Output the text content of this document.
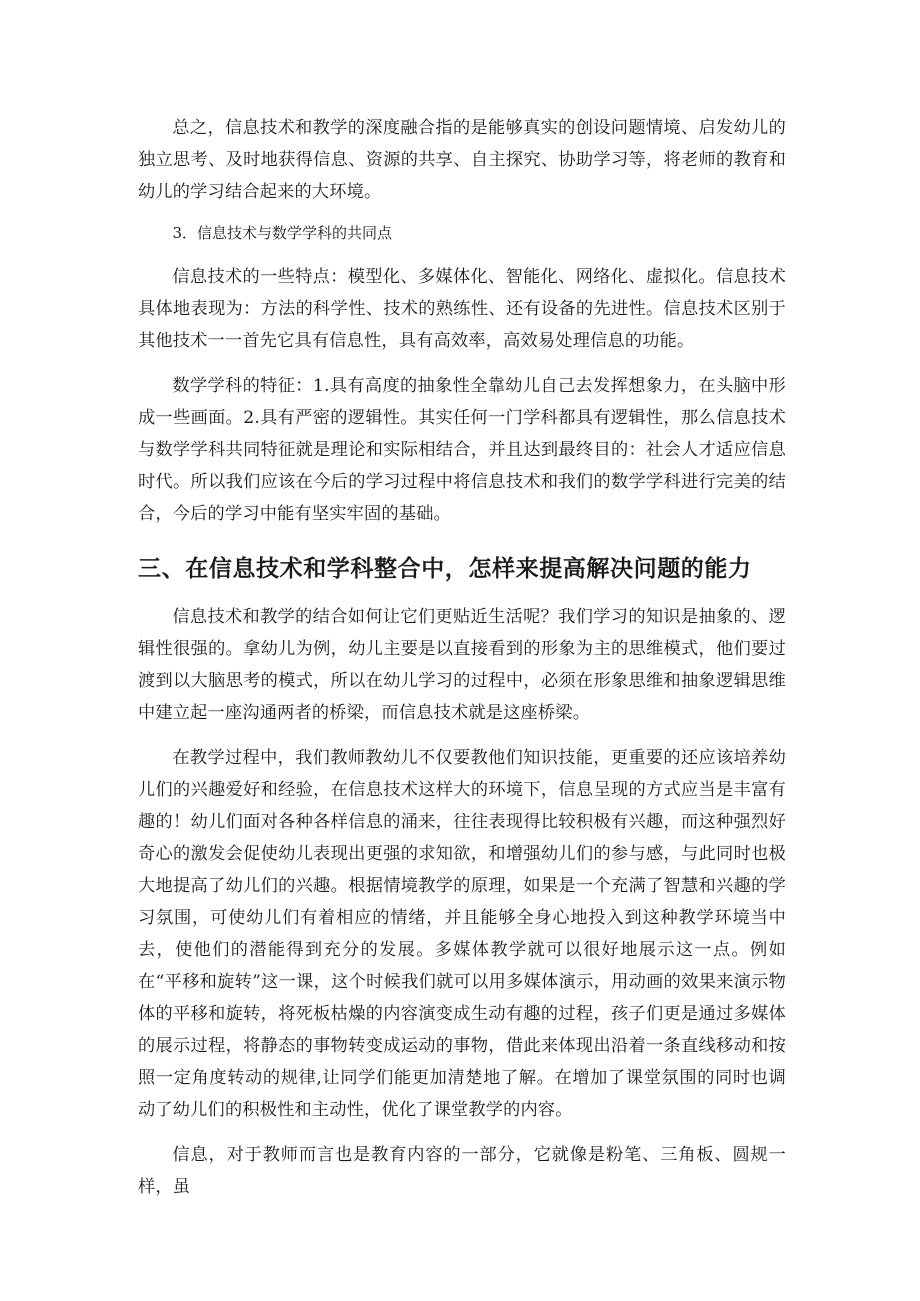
总之，信息技术和教学的深度融合指的是能够真实的创设问题情境、启发幼儿的独立思考、及时地获得信息、资源的共享、自主探究、协助学习等，将老师的教育和幼儿的学习结合起来的大环境。

3．信息技术与数学学科的共同点

信息技术的一些特点：模型化、多媒体化、智能化、网络化、虚拟化。信息技术具体地表现为：方法的科学性、技术的熟练性、还有设备的先进性。信息技术区别于其他技术一一首先它具有信息性，具有高效率，高效易处理信息的功能。

数学学科的特征：1.具有高度的抽象性全靠幼儿自己去发挥想象力，在头脑中形成一些画面。2.具有严密的逻辑性。其实任何一门学科都具有逻辑性，那么信息技术与数学学科共同特征就是理论和实际相结合，并且达到最终目的：社会人才适应信息时代。所以我们应该在今后的学习过程中将信息技术和我们的数学学科进行完美的结合，今后的学习中能有坚实牢固的基础。

三、在信息技术和学科整合中，怎样来提高解决问题的能力

信息技术和教学的结合如何让它们更贴近生活呢？我们学习的知识是抽象的、逻辑性很强的。拿幼儿为例，幼儿主要是以直接看到的形象为主的思维模式，他们要过渡到以大脑思考的模式，所以在幼儿学习的过程中，必须在形象思维和抽象逻辑思维中建立起一座沟通两者的桥梁，而信息技术就是这座桥梁。

在教学过程中，我们教师教幼儿不仅要教他们知识技能，更重要的还应该培养幼儿们的兴趣爱好和经验，在信息技术这样大的环境下，信息呈现的方式应当是丰富有趣的！幼儿们面对各种各样信息的涌来，往往表现得比较积极有兴趣，而这种强烈好奇心的激发会促使幼儿表现出更强的求知欲，和增强幼儿们的参与感，与此同时也极大地提高了幼儿们的兴趣。根据情境教学的原理，如果是一个充满了智慧和兴趣的学习氛围，可使幼儿们有着相应的情绪，并且能够全身心地投入到这种教学环境当中去，使他们的潜能得到充分的发展。多媒体教学就可以很好地展示这一点。例如在“平移和旋转”这一课，这个时候我们就可以用多媒体演示，用动画的效果来演示物体的平移和旋转，将死板枯燥的内容演变成生动有趣的过程，孩子们更是通过多媒体的展示过程，将静态的事物转变成运动的事物，借此来体现出沿着一条直线移动和按照一定角度转动的规律,让同学们能更加清楚地了解。在增加了课堂氛围的同时也调动了幼儿们的积极性和主动性，优化了课堂教学的内容。

信息，对于教师而言也是教育内容的一部分，它就像是粉笔、三角板、圆规一样，虽
